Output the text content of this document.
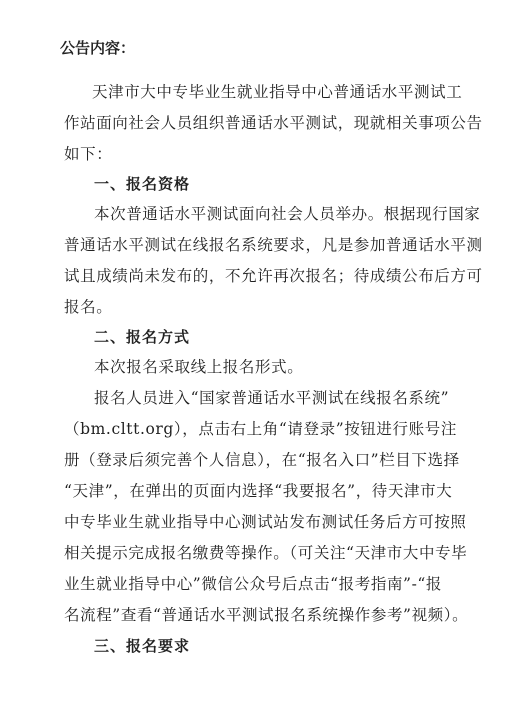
公告内容：
天津市大中专毕业生就业指导中心普通话水平测试工
作站面向社会人员组织普通话水平测试，现就相关事项公告
如下：
一、报名资格
本次普通话水平测试面向社会人员举办。根据现行国家
普通话水平测试在线报名系统要求，凡是参加普通话水平测
试且成绩尚未发布的，不允许再次报名；待成绩公布后方可
报名。
二、报名方式
本次报名采取线上报名形式。
报名人员进入“国家普通话水平测试在线报名系统”
（bm.cltt.org），点击右上角“请登录”按钮进行账号注
册（登录后须完善个人信息），在“报名入口”栏目下选择
“天津”，在弹出的页面内选择“我要报名”，待天津市大
中专毕业生就业指导中心测试站发布测试任务后方可按照
相关提示完成报名缴费等操作。（可关注“天津市大中专毕
业生就业指导中心”微信公众号后点击“报考指南”-“报
名流程”查看“普通话水平测试报名系统操作参考”视频）。
三、报名要求
